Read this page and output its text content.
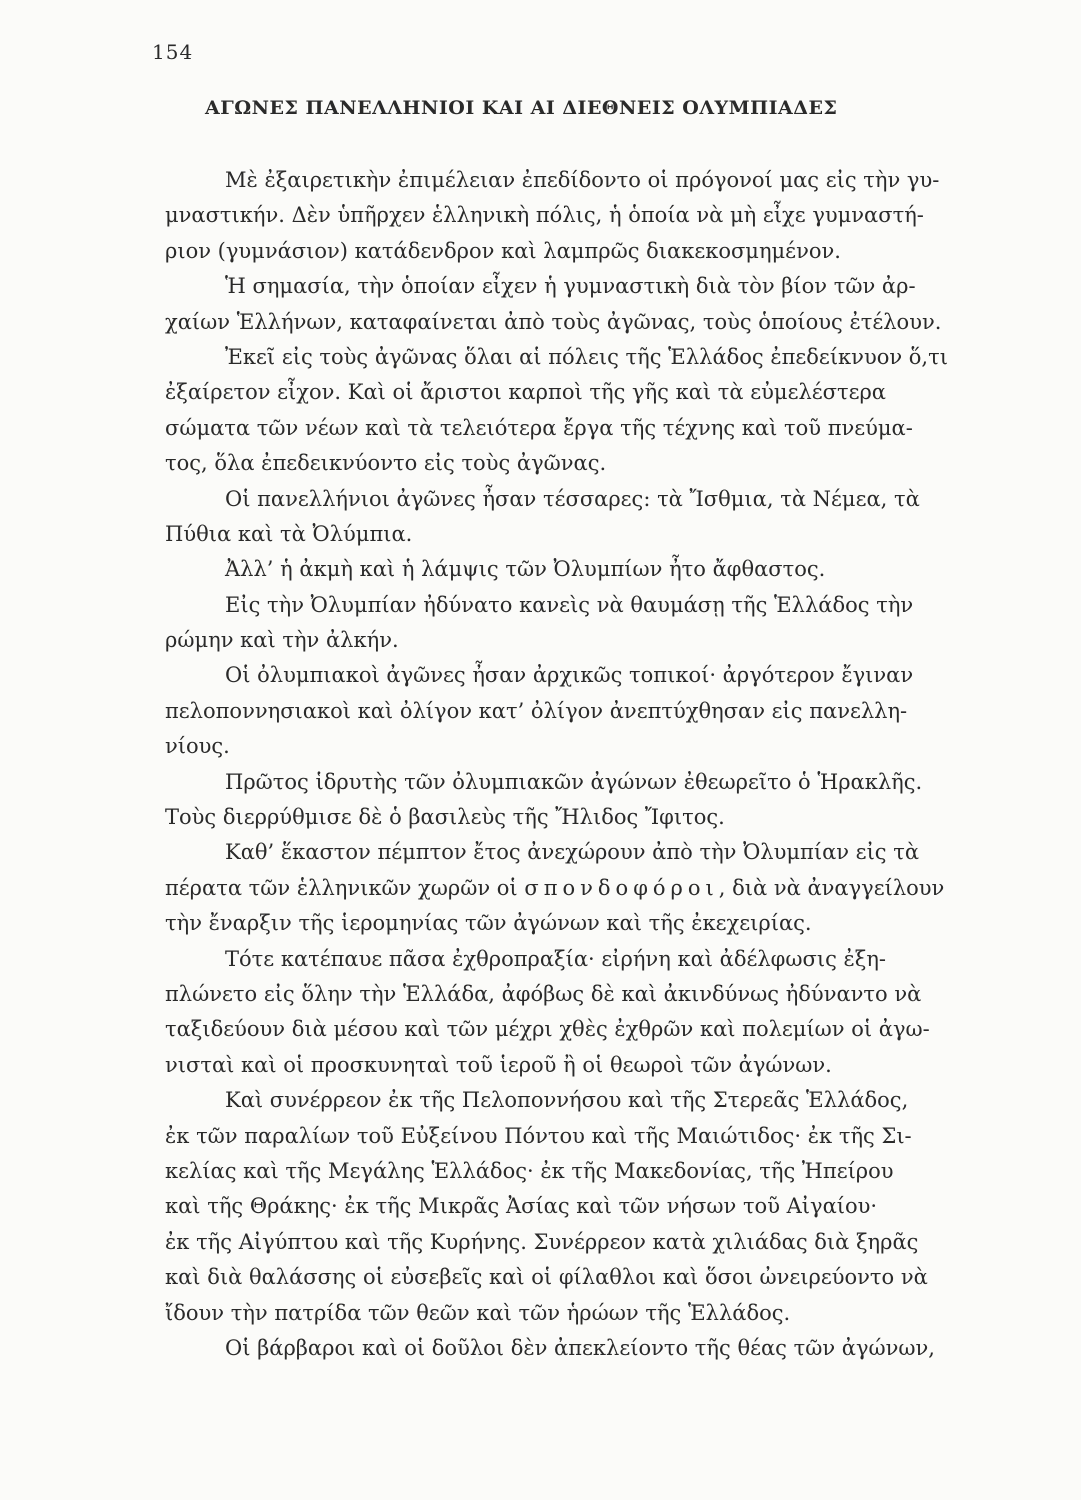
154
ΑΓΩΝΕΣ ΠΑΝΕΛΛΗΝΙΟΙ ΚΑΙ ΑΙ ΔΙΕΘΝΕΙΣ ΟΛΥΜΠΙΑΔΕΣ
Μὲ ἐξαιρετικὴν ἐπιμέλειαν ἐπεδίδοντο οἱ πρόγονοί μας εἰς τὴν γυ-
μναστικήν. Δὲν ὑπῆρχεν ἑλληνικὴ πόλις, ἡ ὁποία νὰ μὴ εἶχε γυμναστή-
ριον (γυμνάσιον) κατάδενδρον καὶ λαμπρῶς διακεκοσμημένον.
Ἡ σημασία, τὴν ὁποίαν εἶχεν ἡ γυμναστικὴ διὰ τὸν βίον τῶν ἀρ-
χαίων Ἑλλήνων, καταφαίνεται ἀπὸ τοὺς ἀγῶνας, τοὺς ὁποίους ἐτέλουν.
Ἐκεῖ εἰς τοὺς ἀγῶνας ὅλαι αἱ πόλεις τῆς Ἑλλάδος ἐπεδείκνυον ὅ,τι
ἐξαίρετον εἶχον. Καὶ οἱ ἄριστοι καρποὶ τῆς γῆς καὶ τὰ εὐμελέστερα
σώματα τῶν νέων καὶ τὰ τελειότερα ἔργα τῆς τέχνης καὶ τοῦ πνεύμα-
τος, ὅλα ἐπεδεικνύοντο εἰς τοὺς ἀγῶνας.
Οἱ πανελλήνιοι ἀγῶνες ἦσαν τέσσαρες: τὰ Ἴσθμια, τὰ Νέμεα, τὰ
Πύθια καὶ τὰ Ὀλύμπια.
Ἀλλ’ ἡ ἀκμὴ καὶ ἡ λάμψις τῶν Ὀλυμπίων ἦτο ἄφθαστος.
Εἰς τὴν Ὀλυμπίαν ἠδύνατο κανεὶς νὰ θαυμάσῃ τῆς Ἑλλάδος τὴν
ρώμην καὶ τὴν ἀλκήν.
Οἱ ὀλυμπιακοὶ ἀγῶνες ἦσαν ἀρχικῶς τοπικοί· ἀργότερον ἔγιναν
πελοποννησιακοὶ καὶ ὀλίγον κατ’ ὀλίγον ἀνεπτύχθησαν εἰς πανελλη-
νίους.
Πρῶτος ἱδρυτὴς τῶν ὀλυμπιακῶν ἀγώνων ἐθεωρεῖτο ὁ Ἡρακλῆς.
Τοὺς διερρύθμισε δὲ ὁ βασιλεὺς τῆς Ἤλιδος Ἴφιτος.
Καθ’ ἕκαστον πέμπτον ἔτος ἀνεχώρουν ἀπὸ τὴν Ὀλυμπίαν εἰς τὰ
πέρατα τῶν ἑλληνικῶν χωρῶν οἱ σπονδοφόροι, διὰ νὰ ἀναγγείλουν
τὴν ἔναρξιν τῆς ἱερομηνίας τῶν ἀγώνων καὶ τῆς ἐκεχειρίας.
Τότε κατέπαυε πᾶσα ἐχθροπραξία· εἰρήνη καὶ ἀδέλφωσις ἐξη-
πλώνετο εἰς ὅλην τὴν Ἑλλάδα, ἀφόβως δὲ καὶ ἀκινδύνως ἠδύναντο νὰ
ταξιδεύουν διὰ μέσου καὶ τῶν μέχρι χθὲς ἐχθρῶν καὶ πολεμίων οἱ ἀγω-
νισταὶ καὶ οἱ προσκυνηταὶ τοῦ ἱεροῦ ἢ οἱ θεωροὶ τῶν ἀγώνων.
Καὶ συνέρρεον ἐκ τῆς Πελοποννήσου καὶ τῆς Στερεᾶς Ἑλλάδος,
ἐκ τῶν παραλίων τοῦ Εὐξείνου Πόντου καὶ τῆς Μαιώτιδος· ἐκ τῆς Σι-
κελίας καὶ τῆς Μεγάλης Ἑλλάδος· ἐκ τῆς Μακεδονίας, τῆς Ἠπείρου
καὶ τῆς Θράκης· ἐκ τῆς Μικρᾶς Ἀσίας καὶ τῶν νήσων τοῦ Αἰγαίου·
ἐκ τῆς Αἰγύπτου καὶ τῆς Κυρήνης. Συνέρρεον κατὰ χιλιάδας διὰ ξηρᾶς
καὶ διὰ θαλάσσης οἱ εὐσεβεῖς καὶ οἱ φίλαθλοι καὶ ὅσοι ὠνειρεύοντο νὰ
ἴδουν τὴν πατρίδα τῶν θεῶν καὶ τῶν ἡρώων τῆς Ἑλλάδος.
Οἱ βάρβαροι καὶ οἱ δοῦλοι δὲν ἀπεκλείοντο τῆς θέας τῶν ἀγώνων,
